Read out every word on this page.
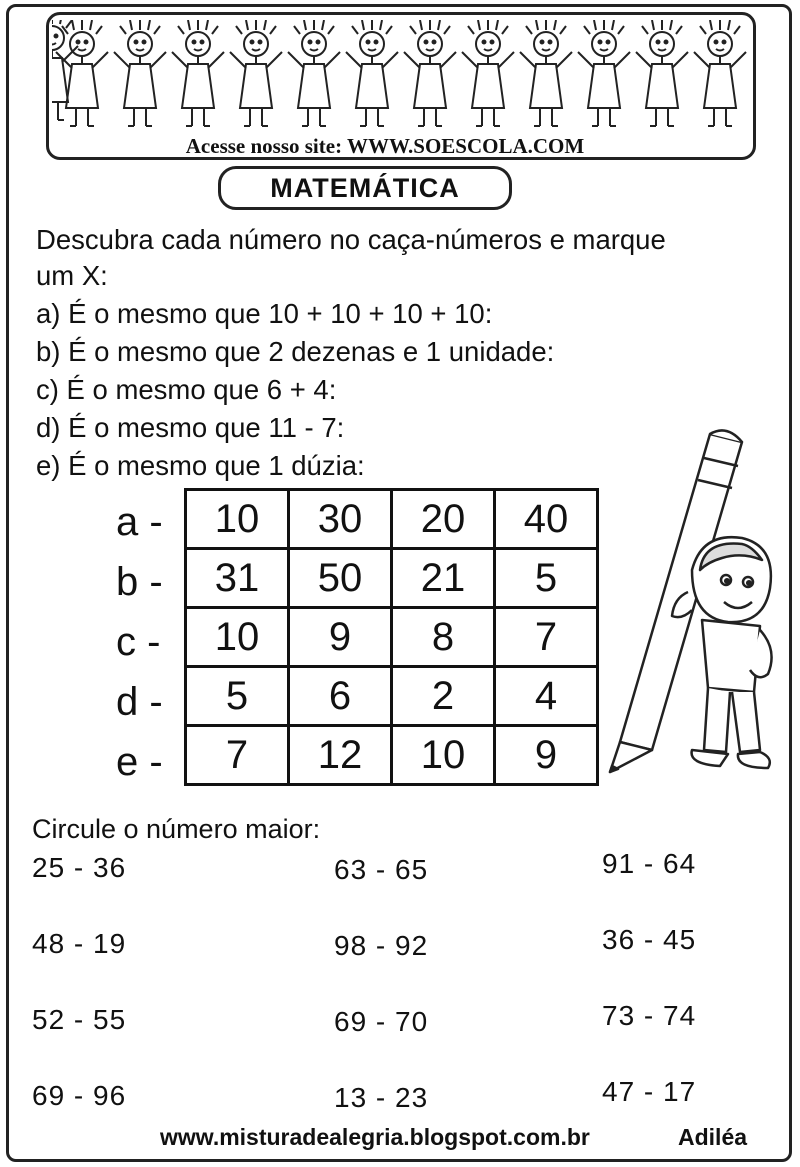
Acesse nosso site: WWW.SOESCOLA.COM
MATEMÁTICA
Descubra cada número no caça-números e marque
um X:
a) É o mesmo que 10 + 10 + 10 + 10:
b) É o mesmo que 2 dezenas e 1 unidade:
c) É o mesmo que 6 + 4:
d) É o mesmo que 11 - 7:
e) É o mesmo que 1 dúzia:
a -
b -
c -
d -
e -
10	30	20	40
31	50	21	5
10	9	8	7
5	6	2	4
7	12	10	9
Circule o número maior:
25 - 36
48 - 19
52 - 55
69 - 96
63 - 65
98 - 92
69 - 70
13 - 23
91 - 64
36 - 45
73 - 74
47 - 17
www.misturadealegria.blogspot.com.br	Adiléa
